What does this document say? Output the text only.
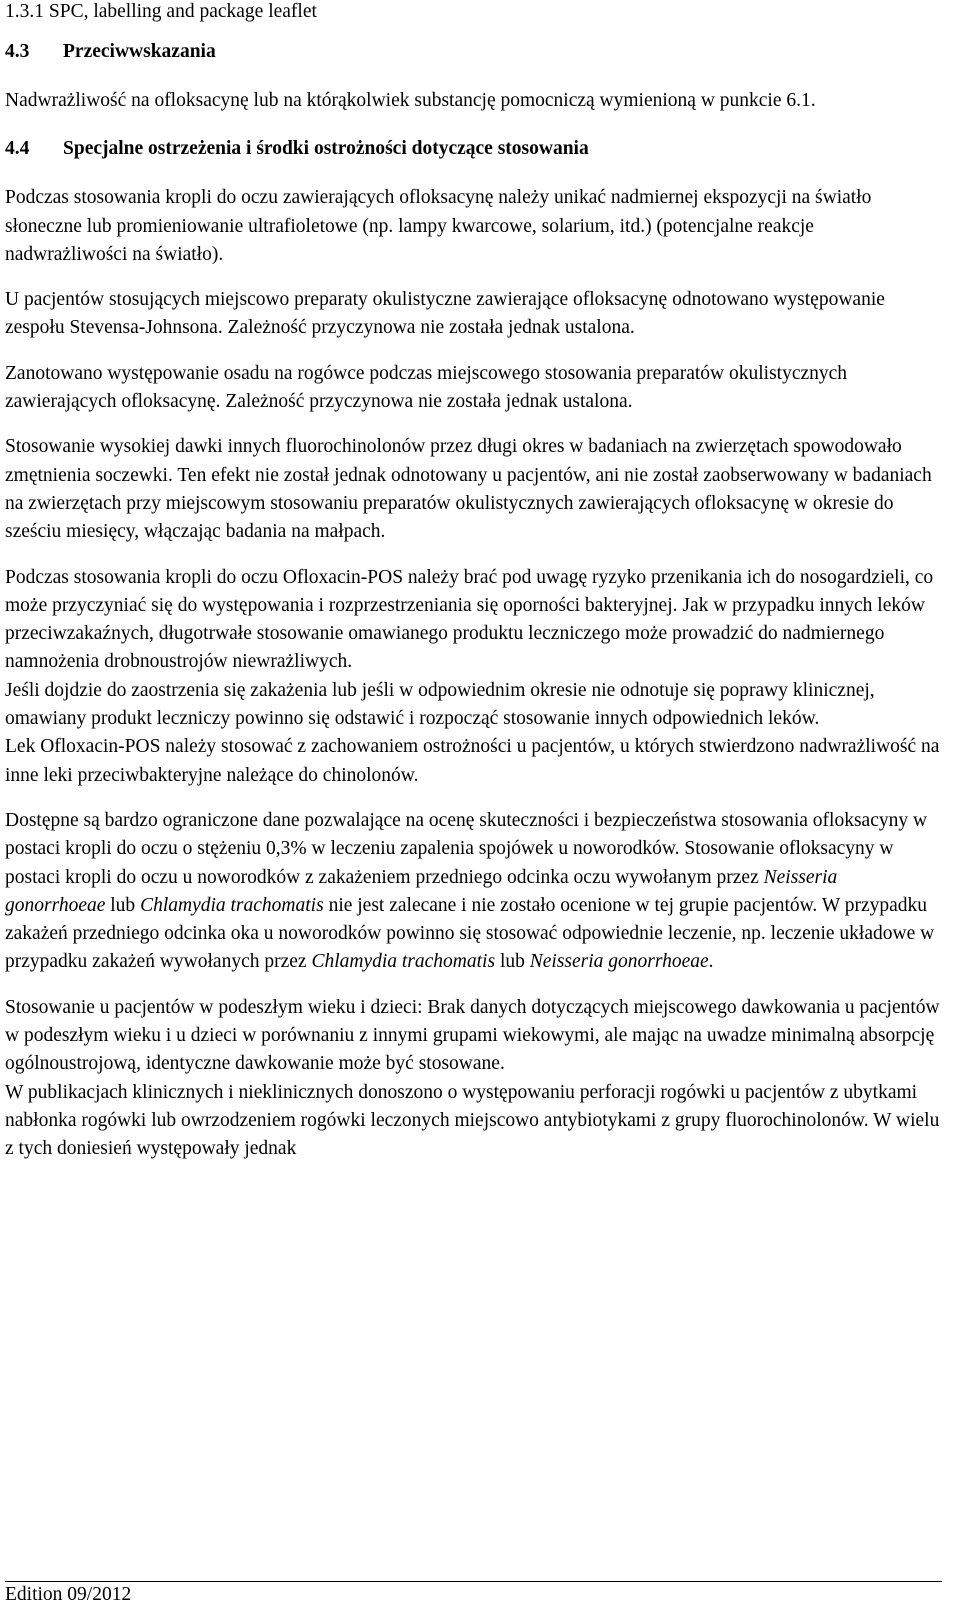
1.3.1 SPC, labelling and package leaflet
4.3 Przeciwwskazania

Nadwrażliwość na ofloksacynę lub na którąkolwiek substancję pomocniczą wymienioną w punkcie 6.1.

4.4 Specjalne ostrzeżenia i środki ostrożności dotyczące stosowania

Podczas stosowania kropli do oczu zawierających ofloksacynę należy unikać nadmiernej ekspozycji na światło słoneczne lub promieniowanie ultrafioletowe (np. lampy kwarcowe, solarium, itd.) (potencjalne reakcje nadwrażliwości na światło).

U pacjentów stosujących miejscowo preparaty okulistyczne zawierające ofloksacynę odnotowano występowanie zespołu Stevensa-Johnsona. Zależność przyczynowa nie została jednak ustalona.

Zanotowano występowanie osadu na rogówce podczas miejscowego stosowania preparatów okulistycznych zawierających ofloksacynę. Zależność przyczynowa nie została jednak ustalona.

Stosowanie wysokiej dawki innych fluorochinolonów przez długi okres w badaniach na zwierzętach spowodowało zmętnienia soczewki. Ten efekt nie został jednak odnotowany u pacjentów, ani nie został zaobserwowany w badaniach na zwierzętach przy miejscowym stosowaniu preparatów okulistycznych zawierających ofloksacynę w okresie do sześciu miesięcy, włączając badania na małpach.

Podczas stosowania kropli do oczu Ofloxacin-POS należy brać pod uwagę ryzyko przenikania ich do nosogardzieli, co może przyczyniać się do występowania i rozprzestrzeniania się oporności bakteryjnej. Jak w przypadku innych leków przeciwzakaźnych, długotrwałe stosowanie omawianego produktu leczniczego może prowadzić do nadmiernego namnożenia drobnoustrojów niewrażliwych.

Jeśli dojdzie do zaostrzenia się zakażenia lub jeśli w odpowiednim okresie nie odnotuje się poprawy klinicznej, omawiany produkt leczniczy powinno się odstawić i rozpocząć stosowanie innych odpowiednich leków.

Lek Ofloxacin-POS należy stosować z zachowaniem ostrożności u pacjentów, u których stwierdzono nadwrażliwość na inne leki przeciwbakteryjne należące do chinolonów.

Dostępne są bardzo ograniczone dane pozwalające na ocenę skuteczności i bezpieczeństwa stosowania ofloksacyny w postaci kropli do oczu o stężeniu 0,3% w leczeniu zapalenia spojówek u noworodków. Stosowanie ofloksacyny w postaci kropli do oczu u noworodków z zakażeniem przedniego odcinka oczu wywołanym przez Neisseria gonorrhoeae lub Chlamydia trachomatis nie jest zalecane i nie zostało ocenione w tej grupie pacjentów. W przypadku zakażeń przedniego odcinka oka u noworodków powinno się stosować odpowiednie leczenie, np. leczenie układowe w przypadku zakażeń wywołanych przez Chlamydia trachomatis lub Neisseria gonorrhoeae.

Stosowanie u pacjentów w podeszłym wieku i dzieci: Brak danych dotyczących miejscowego dawkowania u pacjentów w podeszłym wieku i u dzieci w porównaniu z innymi grupami wiekowymi, ale mając na uwadze minimalną absorpcję ogólnoustrojową, identyczne dawkowanie może być stosowane.

W publikacjach klinicznych i nieklinicznych donoszono o występowaniu perforacji rogówki u pacjentów z ubytkami nabłonka rogówki lub owrzodzeniem rogówki leczonych miejscowo antybiotykami z grupy fluorochinolonów. W wielu z tych doniesień występowały jednak

Edition 09/2012
